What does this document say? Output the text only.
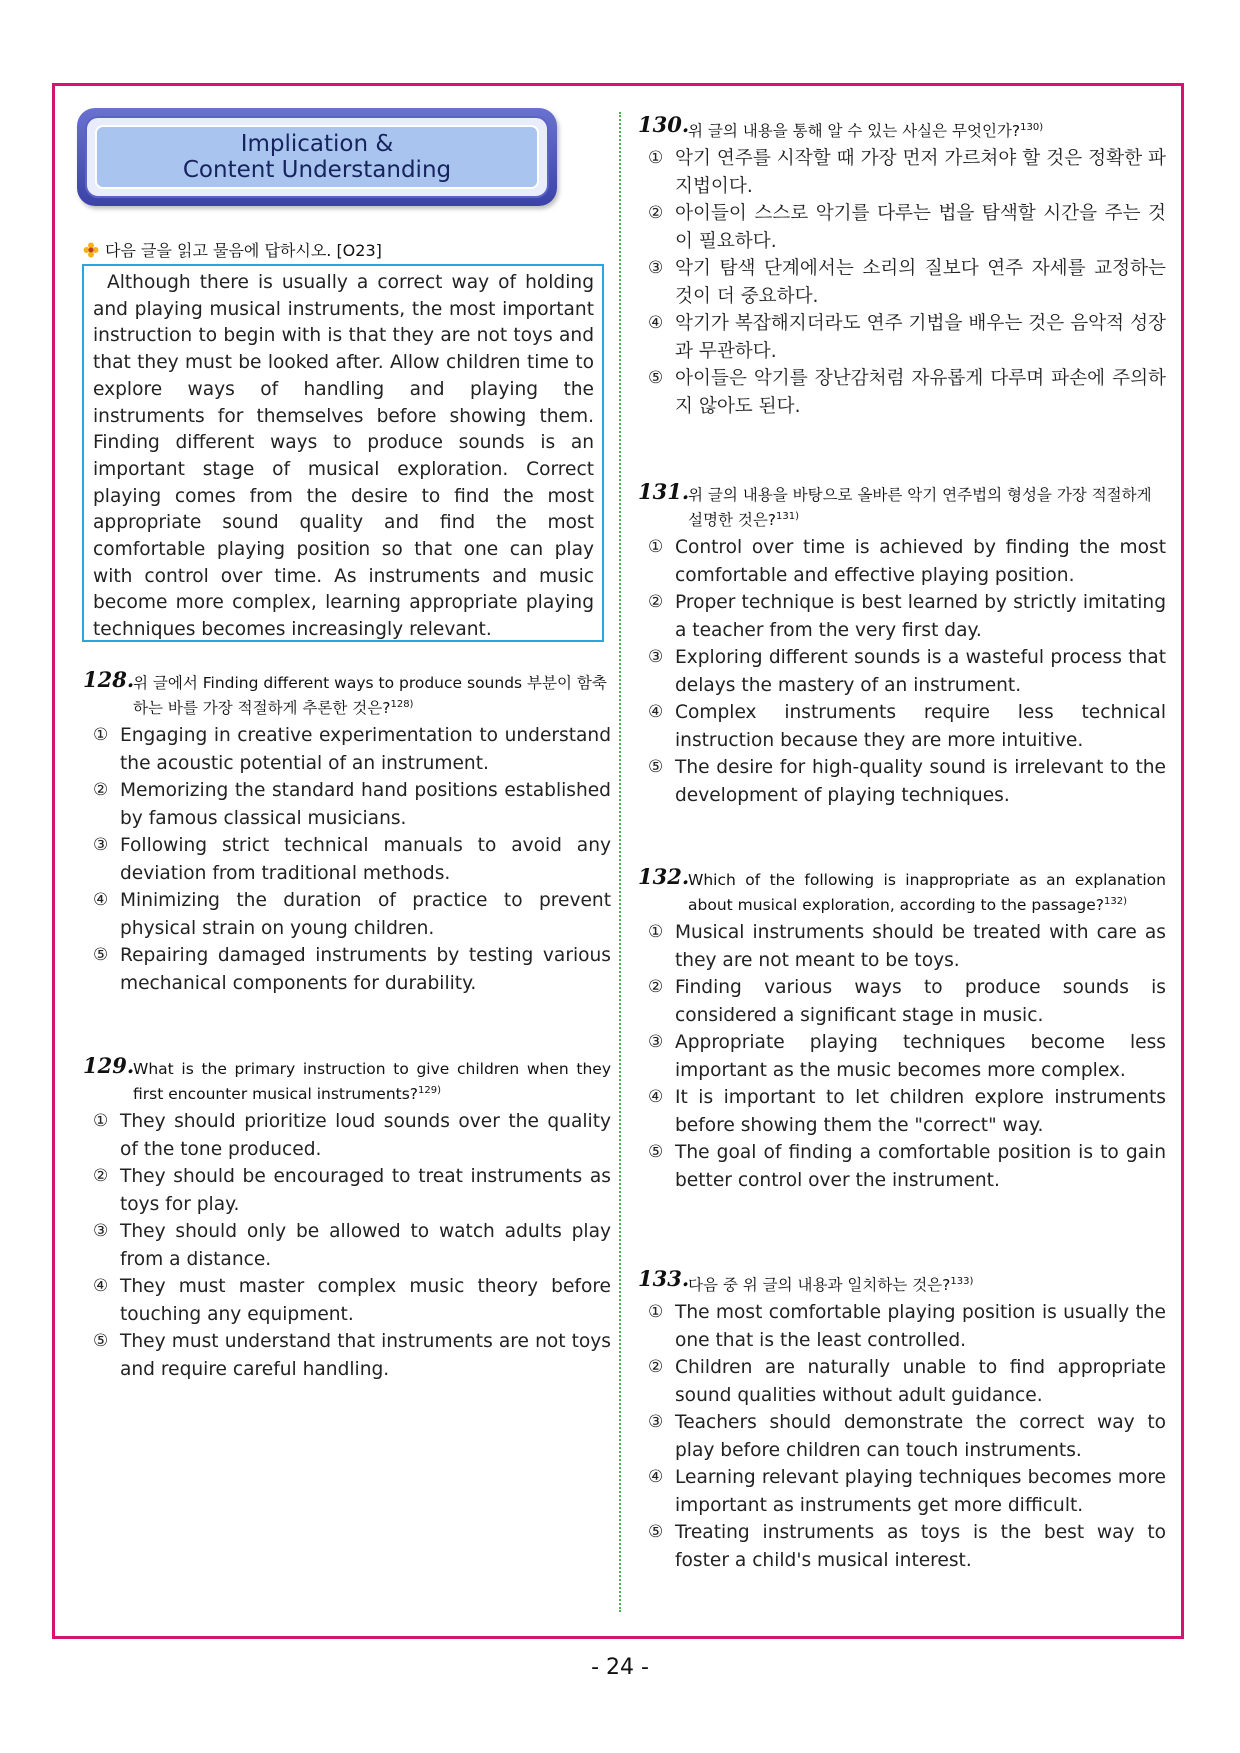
Implication &
Content Understanding
다음 글을 읽고 물음에 답하시오. [O23]

Although there is usually a correct way of holding and playing musical instruments, the most important instruction to begin with is that they are not toys and that they must be looked after. Allow children time to explore ways of handling and playing the instruments for themselves before showing them. Finding different ways to produce sounds is an important stage of musical exploration. Correct playing comes from the desire to find the most appropriate sound quality and find the most comfortable playing position so that one can play with control over time. As instruments and music become more complex, learning appropriate playing techniques becomes increasingly relevant.

128.
위 글에서 Finding different ways to produce sounds 부분이 함축하는 바를 가장 적절하게 추론한 것은?$^{128)}$
① Engaging in creative experimentation to understand the acoustic potential of an instrument.
② Memorizing the standard hand positions established by famous classical musicians.
③ Following strict technical manuals to avoid any deviation from traditional methods.
④ Minimizing the duration of practice to prevent physical strain on young children.
⑤ Repairing damaged instruments by testing various mechanical components for durability.
129.
What is the primary instruction to give children when they first encounter musical instruments?$^{129)}$
① They should prioritize loud sounds over the quality of the tone produced.
② They should be encouraged to treat instruments as toys for play.
③ They should only be allowed to watch adults play from a distance.
④ They must master complex music theory before touching any equipment.
⑤ They must understand that instruments are not toys and require careful handling.
130.
위 글의 내용을 통해 알 수 있는 사실은 무엇인가?$^{130)}$
① 악기 연주를 시작할 때 가장 먼저 가르쳐야 할 것은 정확한 파지법이다.
② 아이들이 스스로 악기를 다루는 법을 탐색할 시간을 주는 것이 필요하다.
③ 악기 탐색 단계에서는 소리의 질보다 연주 자세를 교정하는 것이 더 중요하다.
④ 악기가 복잡해지더라도 연주 기법을 배우는 것은 음악적 성장과 무관하다.
⑤ 아이들은 악기를 장난감처럼 자유롭게 다루며 파손에 주의하지 않아도 된다.
131.
위 글의 내용을 바탕으로 올바른 악기 연주법의 형성을 가장 적절하게 설명한 것은?$^{131)}$
① Control over time is achieved by finding the most comfortable and effective playing position.
② Proper technique is best learned by strictly imitating a teacher from the very first day.
③ Exploring different sounds is a wasteful process that delays the mastery of an instrument.
④ Complex instruments require less technical instruction because they are more intuitive.
⑤ The desire for high-quality sound is irrelevant to the development of playing techniques.
132.
Which of the following is inappropriate as an explanation about musical exploration, according to the passage?$^{132)}$
① Musical instruments should be treated with care as they are not meant to be toys.
② Finding various ways to produce sounds is considered a significant stage in music.
③ Appropriate playing techniques become less important as the music becomes more complex.
④ It is important to let children explore instruments before showing them the "correct" way.
⑤ The goal of finding a comfortable position is to gain better control over the instrument.
133.
다음 중 위 글의 내용과 일치하는 것은?$^{133)}$
① The most comfortable playing position is usually the one that is the least controlled.
② Children are naturally unable to find appropriate sound qualities without adult guidance.
③ Teachers should demonstrate the correct way to play before children can touch instruments.
④ Learning relevant playing techniques becomes more important as instruments get more difficult.
⑤ Treating instruments as toys is the best way to foster a child's musical interest.
- 24 -
